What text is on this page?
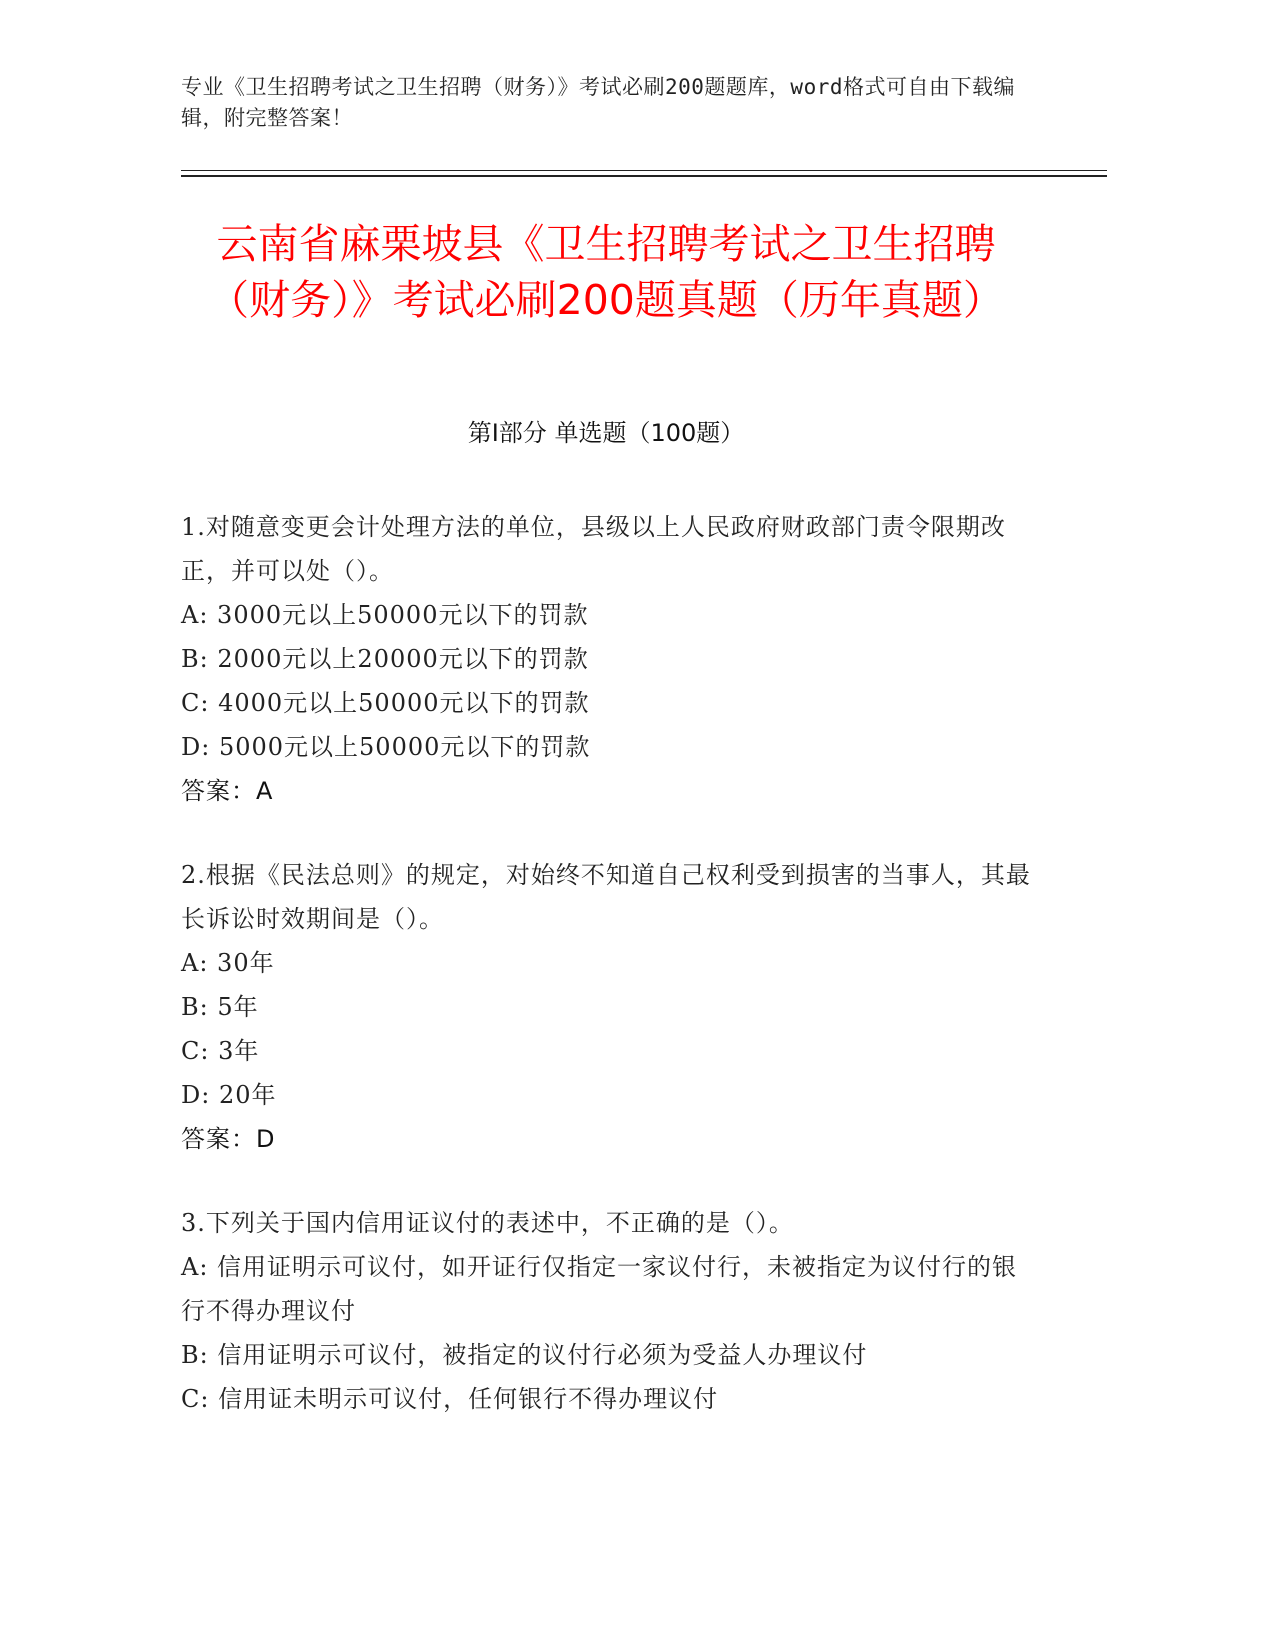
专业《卫生招聘考试之卫生招聘（财务）》考试必刷200题题库，word格式可自由下载编辑，附完整答案！
云南省麻栗坡县《卫生招聘考试之卫生招聘（财务）》考试必刷200题真题（历年真题）
第I部分 单选题（100题）

1.对随意变更会计处理方法的单位，县级以上人民政府财政部门责令限期改正，并可以处（）。

A: 3000元以上50000元以下的罚款

B: 2000元以上20000元以下的罚款

C: 4000元以上50000元以下的罚款

D: 5000元以上50000元以下的罚款

答案：A

2.根据《民法总则》的规定，对始终不知道自己权利受到损害的当事人，其最长诉讼时效期间是（）。

A: 30年

B: 5年

C: 3年

D: 20年

答案：D

3.下列关于国内信用证议付的表述中，不正确的是（）。

A: 信用证明示可议付，如开证行仅指定一家议付行，未被指定为议付行的银行不得办理议付

B: 信用证明示可议付，被指定的议付行必须为受益人办理议付

C: 信用证未明示可议付，任何银行不得办理议付
